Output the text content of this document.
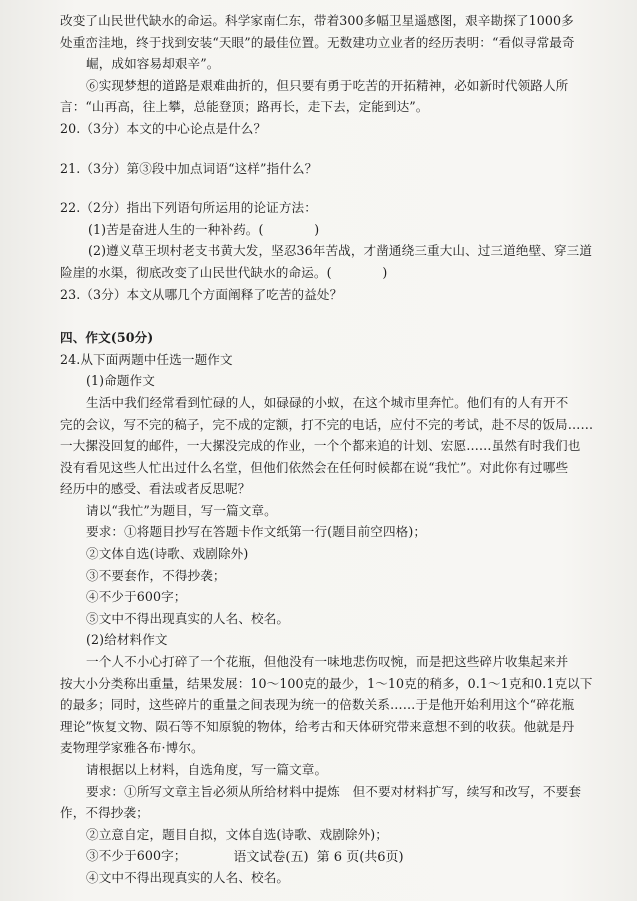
改变了山民世代缺水的命运。科学家南仁东，带着300多幅卫星遥感图，艰辛勘探了1000多
处重峦洼地，终于找到安装“天眼”的最佳位置。无数建功立业者的经历表明：“看似寻常最奇
崛，成如容易却艰辛”。
⑥实现梦想的道路是艰难曲折的，但只要有勇于吃苦的开拓精神，必如新时代领路人所
言：“山再高，往上攀，总能登顶；路再长，走下去，定能到达”。
20.（3分）本文的中心论点是什么？
21.（3分）第③段中加点词语“这样”指什么？
22.（2分）指出下列语句所运用的论证方法：
(1)苦是奋进人生的一种补药。(　　　　)
(2)遵义草王坝村老支书黄大发，坚忍36年苦战，才凿通绕三重大山、过三道绝壁、穿三道
险崖的水渠，彻底改变了山民世代缺水的命运。(　　　　)
23.（3分）本文从哪几个方面阐释了吃苦的益处？
四、作文(50分)
24.从下面两题中任选一题作文
(1)命题作文
生活中我们经常看到忙碌的人，如碌碌的小蚁，在这个城市里奔忙。他们有的人有开不
完的会议，写不完的稿子，完不成的定额，打不完的电话，应付不完的考试，赴不尽的饭局……
一大摞没回复的邮件，一大摞没完成的作业，一个个都来追的计划、宏愿……虽然有时我们也
没有看见这些人忙出过什么名堂，但他们依然会在任何时候都在说“我忙”。对此你有过哪些
经历中的感受、看法或者反思呢？
请以“我忙”为题目，写一篇文章。
要求：①将题目抄写在答题卡作文纸第一行(题目前空四格)；
②文体自选(诗歌、戏剧除外)
③不要套作，不得抄袭；
④不少于600字；
⑤文中不得出现真实的人名、校名。
(2)给材料作文
一个人不小心打碎了一个花瓶，但他没有一味地悲伤叹惋，而是把这些碎片收集起来并
按大小分类称出重量，结果发展：10～100克的最少，1～10克的稍多，0.1～1克和0.1克以下
的最多；同时，这些碎片的重量之间表现为统一的倍数关系……于是他开始利用这个“碎花瓶
理论”恢复文物、陨石等不知原貌的物体，给考古和天体研究带来意想不到的收获。他就是丹
麦物理学家雅各布·博尔。
请根据以上材料，自选角度，写一篇文章。
要求：①所写文章主旨必须从所给材料中提炼　但不要对材料扩写，续写和改写，不要套
作，不得抄袭；
②立意自定，题目自拟，文体自选(诗歌、戏剧除外)；
③不少于600字；
④文中不得出现真实的人名、校名。
语文试卷(五) 第 6 页(共6页)
